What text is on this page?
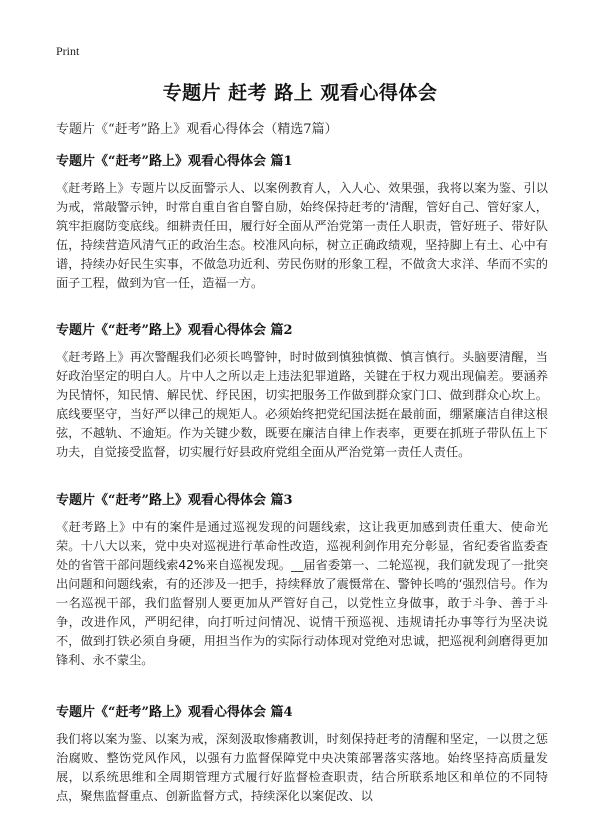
Print
专题片 赶考 路上 观看心得体会
专题片《“赶考”路上》观看心得体会（精选7篇）
专题片《“赶考”路上》观看心得体会 篇1

《赶考路上》专题片以反面警示人、以案例教育人，入人心、效果强，我将以案为鉴、引以为戒，常敲警示钟，时常自重自省自警自励，始终保持赶考的‘清醒，管好自己、管好家人，筑牢拒腐防变底线。细耕责任田，履行好全面从严治党第一责任人职责，管好班子、带好队伍，持续营造风清气正的政治生态。校准风向标，树立正确政绩观，坚持脚上有土、心中有谱，持续办好民生实事，不做急功近利、劳民伤财的形象工程，不做贪大求洋、华而不实的面子工程，做到为官一任，造福一方。

专题片《“赶考”路上》观看心得体会 篇2

《赶考路上》再次警醒我们必须长鸣警钟，时时做到慎独慎微、慎言慎行。头脑要清醒，当好政治坚定的明白人。片中人之所以走上违法犯罪道路，关键在于权力观出现偏差。要涵养为民情怀，知民情、解民忧、纾民困，切实把服务工作做到群众家门口、做到群众心坎上。底线要坚守，当好严以律己的规矩人。必须始终把党纪国法挺在最前面，绷紧廉洁自律这根弦，不越轨、不逾矩。作为关键少数，既要在廉洁自律上作表率，更要在抓班子带队伍上下功夫，自觉接受监督，切实履行好县政府党组全面从严治党第一责任人责任。

专题片《“赶考”路上》观看心得体会 篇3

《赶考路上》中有的案件是通过巡视发现的问题线索，这让我更加感到责任重大、使命光荣。十八大以来，党中央对巡视进行革命性改造，巡视利剑作用充分彰显，省纪委省监委查处的省管干部问题线索42%来自巡视发现。__届省委第一、二轮巡视，我们就发现了一批突出问题和问题线索，有的还涉及一把手，持续释放了震慑常在、警钟长鸣的‘强烈信号。作为一名巡视干部，我们监督别人要更加从严管好自己，以党性立身做事，敢于斗争、善于斗争，改进作风，严明纪律，向打听过问情况、说情干预巡视、违规请托办事等行为坚决说不，做到打铁必须自身硬，用担当作为的实际行动体现对党绝对忠诚，把巡视利剑磨得更加锋利、永不蒙尘。

专题片《“赶考”路上》观看心得体会 篇4

我们将以案为鉴、以案为戒，深刻汲取惨痛教训，时刻保持赶考的清醒和坚定，一以贯之惩治腐败、整饬党风作风，以强有力监督保障党中央决策部署落实落地。始终坚持高质量发展，以系统思维和全周期管理方式履行好监督检查职责，结合所联系地区和单位的不同特点，聚焦监督重点、创新监督方式，持续深化以案促改、以
